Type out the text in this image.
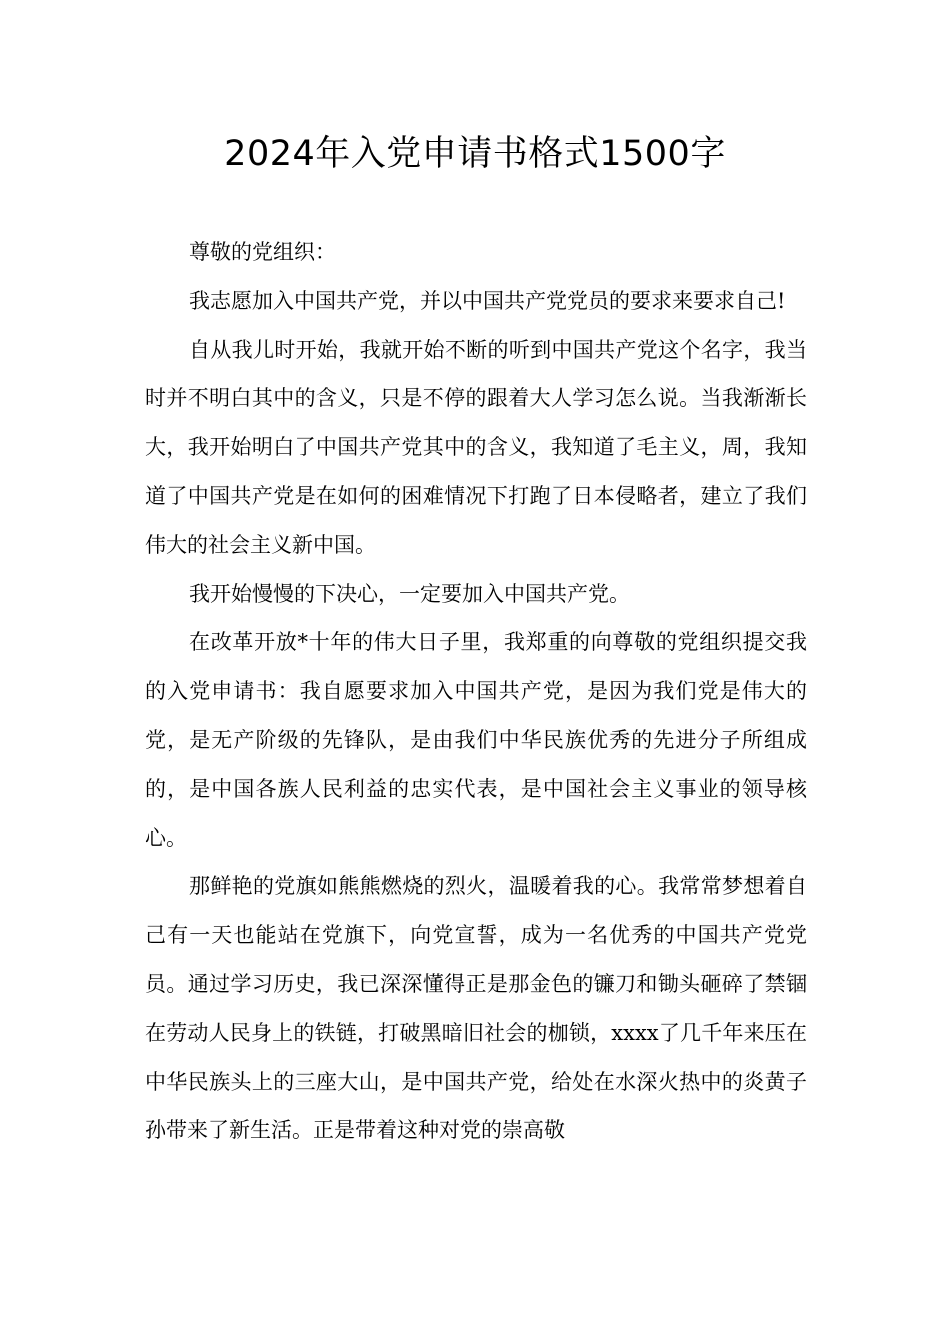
2024年入党申请书格式1500字

尊敬的党组织：

我志愿加入中国共产党，并以中国共产党党员的要求来要求自己!

自从我儿时开始，我就开始不断的听到中国共产党这个名字，我当时并不明白其中的含义，只是不停的跟着大人学习怎么说。当我渐渐长大，我开始明白了中国共产党其中的含义，我知道了毛主义，周，我知道了中国共产党是在如何的困难情况下打跑了日本侵略者，建立了我们伟大的社会主义新中国。

我开始慢慢的下决心，一定要加入中国共产党。

在改革开放*十年的伟大日子里，我郑重的向尊敬的党组织提交我的入党申请书：我自愿要求加入中国共产党，是因为我们党是伟大的党，是无产阶级的先锋队，是由我们中华民族优秀的先进分子所组成的，是中国各族人民利益的忠实代表，是中国社会主义事业的领导核心。

那鲜艳的党旗如熊熊燃烧的烈火，温暖着我的心。我常常梦想着自己有一天也能站在党旗下，向党宣誓，成为一名优秀的中国共产党党员。通过学习历史，我已深深懂得正是那金色的镰刀和锄头砸碎了禁锢在劳动人民身上的铁链，打破黑暗旧社会的枷锁，xxxx了几千年来压在中华民族头上的三座大山，是中国共产党，给处在水深火热中的炎黄子孙带来了新生活。正是带着这种对党的崇高敬
